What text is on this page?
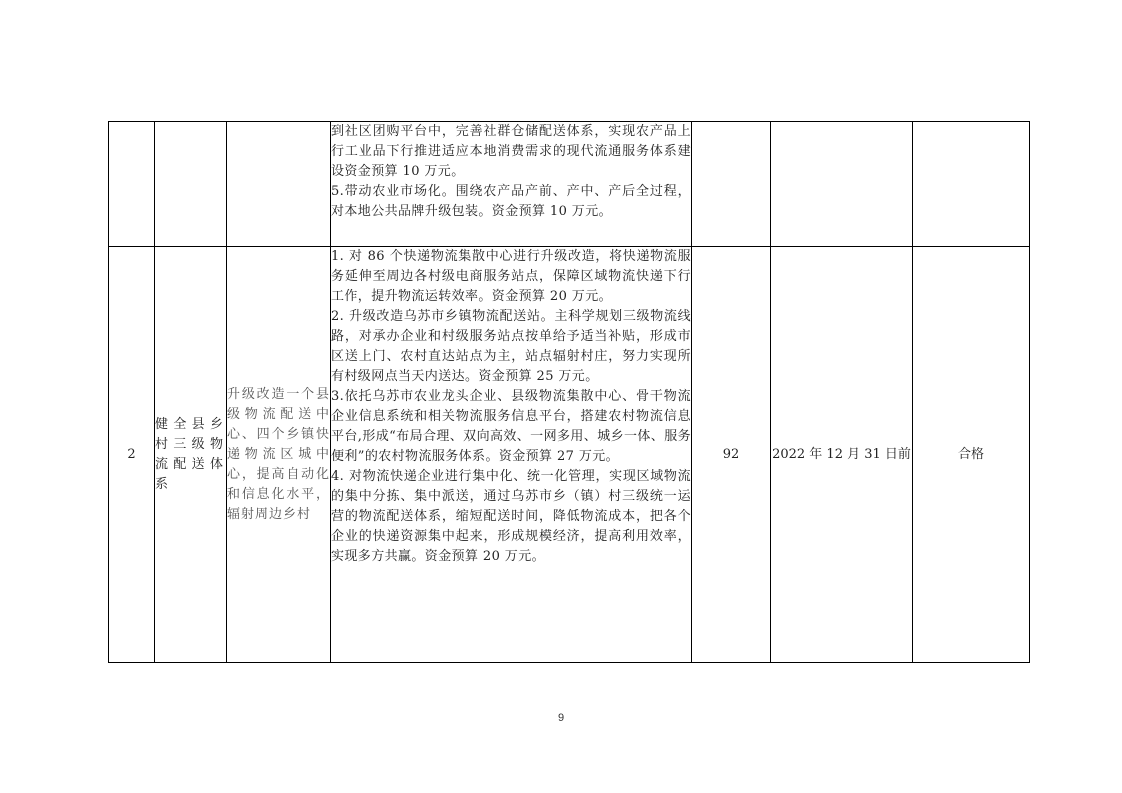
			到社区团购平台中，完善社群仓储配送体系，实现农产品上行工业品下行推进适应本地消费需求的现代流通服务体系建设资金预算 10 万元。
5.带动农业市场化。围绕农产品产前、产中、产后全过程，对本地公共品牌升级包装。资金预算 10 万元。			

2	健全县乡村三级物流配送体系	升级改造一个县级物流配送中心、四个乡镇快递物流区城中心，提高自动化和信息化水平，辐射周边乡村	1. 对 86 个快递物流集散中心进行升级改造，将快递物流服务延伸至周边各村级电商服务站点，保障区域物流快递下行工作，提升物流运转效率。资金预算 20 万元。
2. 升级改造乌苏市乡镇物流配送站。主科学规划三级物流线路，对承办企业和村级服务站点按单给予适当补贴，形成市区送上门、农村直达站点为主，站点辐射村庄，努力实现所有村级网点当天内送达。资金预算 25 万元。
3.依托乌苏市农业龙头企业、县级物流集散中心、骨干物流企业信息系统和相关物流服务信息平台，搭建农村物流信息平台,形成“布局合理、双向高效、一网多用、城乡一体、服务便利”的农村物流服务体系。资金预算 27 万元。
4. 对物流快递企业进行集中化、统一化管理，实现区域物流的集中分拣、集中派送，通过乌苏市乡（镇）村三级统一运营的物流配送体系，缩短配送时间，降低物流成本，把各个企业的快递资源集中起来，形成规模经济，提高利用效率，实现多方共赢。资金预算 20 万元。	92	2022 年 12 月 31 日前	合格
9
